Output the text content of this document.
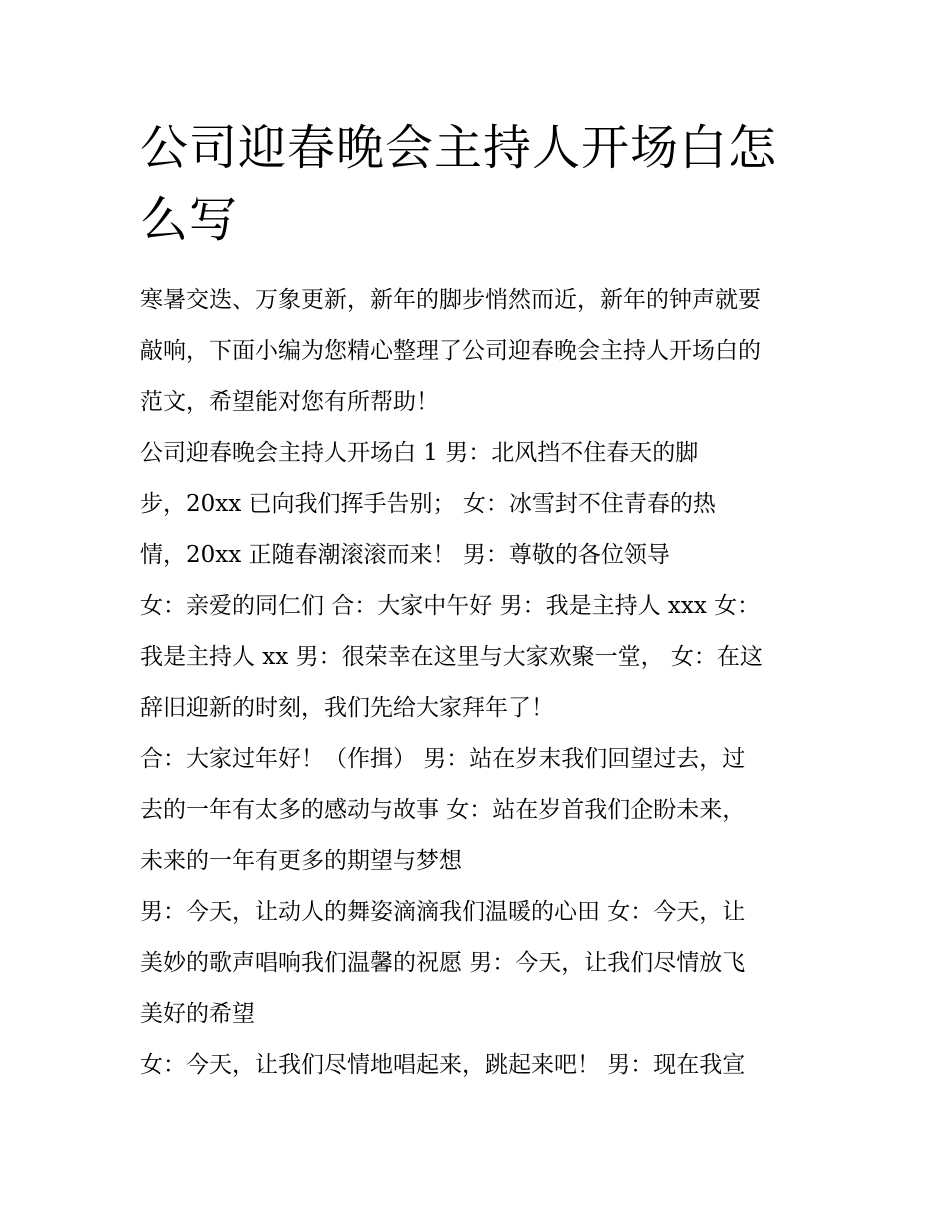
公司迎春晚会主持人开场白怎
么写
寒暑交迭、万象更新，新年的脚步悄然而近，新年的钟声就要
敲响，下面小编为您精心整理了公司迎春晚会主持人开场白的
范文，希望能对您有所帮助！
公司迎春晚会主持人开场白 1 男：北风挡不住春天的脚
步，20xx 已向我们挥手告别； 女：冰雪封不住青春的热
情，20xx 正随春潮滚滚而来！ 男：尊敬的各位领导
女：亲爱的同仁们 合：大家中午好 男：我是主持人 xxx 女：
我是主持人 xx 男：很荣幸在这里与大家欢聚一堂， 女：在这
辞旧迎新的时刻，我们先给大家拜年了！
合：大家过年好！（作揖） 男：站在岁末我们回望过去，过
去的一年有太多的感动与故事 女：站在岁首我们企盼未来，
未来的一年有更多的期望与梦想
男：今天，让动人的舞姿滴滴我们温暖的心田 女：今天，让
美妙的歌声唱响我们温馨的祝愿 男：今天，让我们尽情放飞
美好的希望
女：今天，让我们尽情地唱起来，跳起来吧！ 男：现在我宣
